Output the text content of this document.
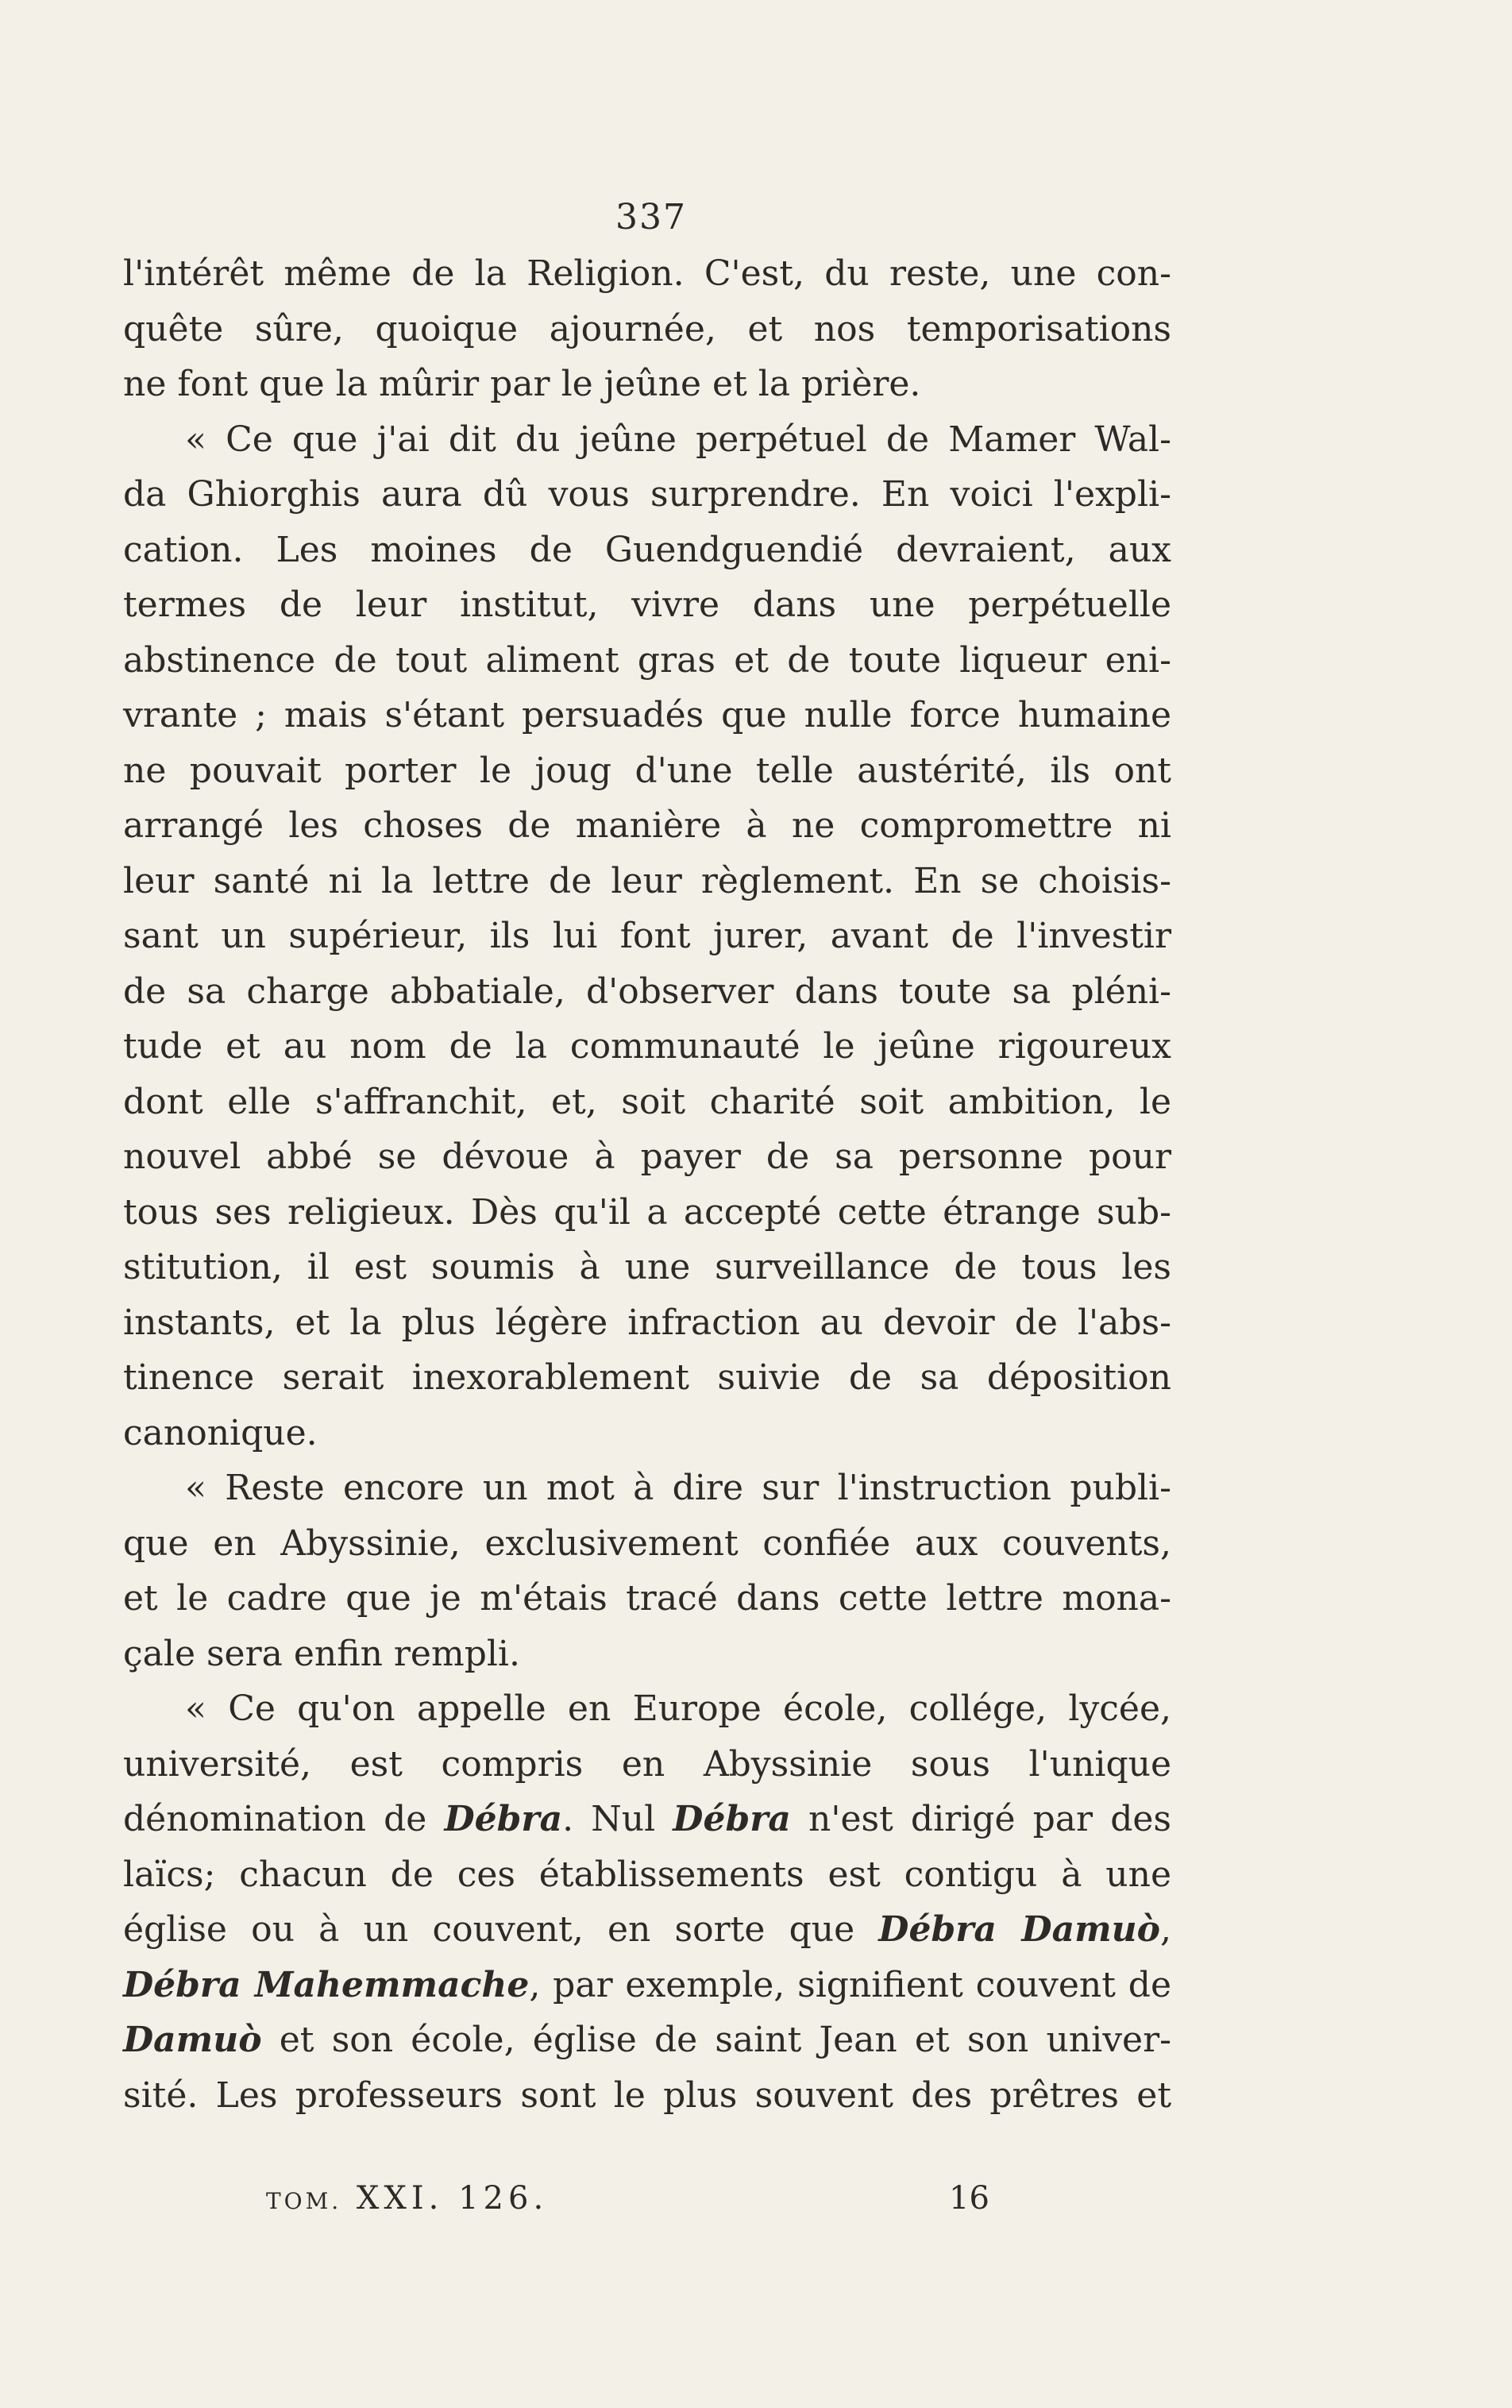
337
l'intérêt même de la Religion. C'est, du reste, une con-
quête sûre, quoique ajournée, et nos temporisations
ne font que la mûrir par le jeûne et la prière.
« Ce que j'ai dit du jeûne perpétuel de Mamer Wal-
da Ghiorghis aura dû vous surprendre. En voici l'expli-
cation. Les moines de Guendguendié devraient, aux
termes de leur institut, vivre dans une perpétuelle
abstinence de tout aliment gras et de toute liqueur eni-
vrante ; mais s'étant persuadés que nulle force humaine
ne pouvait porter le joug d'une telle austérité, ils ont
arrangé les choses de manière à ne compromettre ni
leur santé ni la lettre de leur règlement. En se choisis-
sant un supérieur, ils lui font jurer, avant de l'investir
de sa charge abbatiale, d'observer dans toute sa pléni-
tude et au nom de la communauté le jeûne rigoureux
dont elle s'affranchit, et, soit charité soit ambition, le
nouvel abbé se dévoue à payer de sa personne pour
tous ses religieux. Dès qu'il a accepté cette étrange sub-
stitution, il est soumis à une surveillance de tous les
instants, et la plus légère infraction au devoir de l'abs-
tinence serait inexorablement suivie de sa déposition
canonique.
« Reste encore un mot à dire sur l'instruction publi-
que en Abyssinie, exclusivement confiée aux couvents,
et le cadre que je m'étais tracé dans cette lettre mona-
çale sera enfin rempli.
« Ce qu'on appelle en Europe école, collége, lycée,
université, est compris en Abyssinie sous l'unique
dénomination de Débra. Nul Débra n'est dirigé par des
laïcs; chacun de ces établissements est contigu à une
église ou à un couvent, en sorte que Débra Damuò,
Débra Mahemmache, par exemple, signifient couvent de
Damuò et son école, église de saint Jean et son univer-
sité. Les professeurs sont le plus souvent des prêtres et
TOM. XXI. 126.	16
